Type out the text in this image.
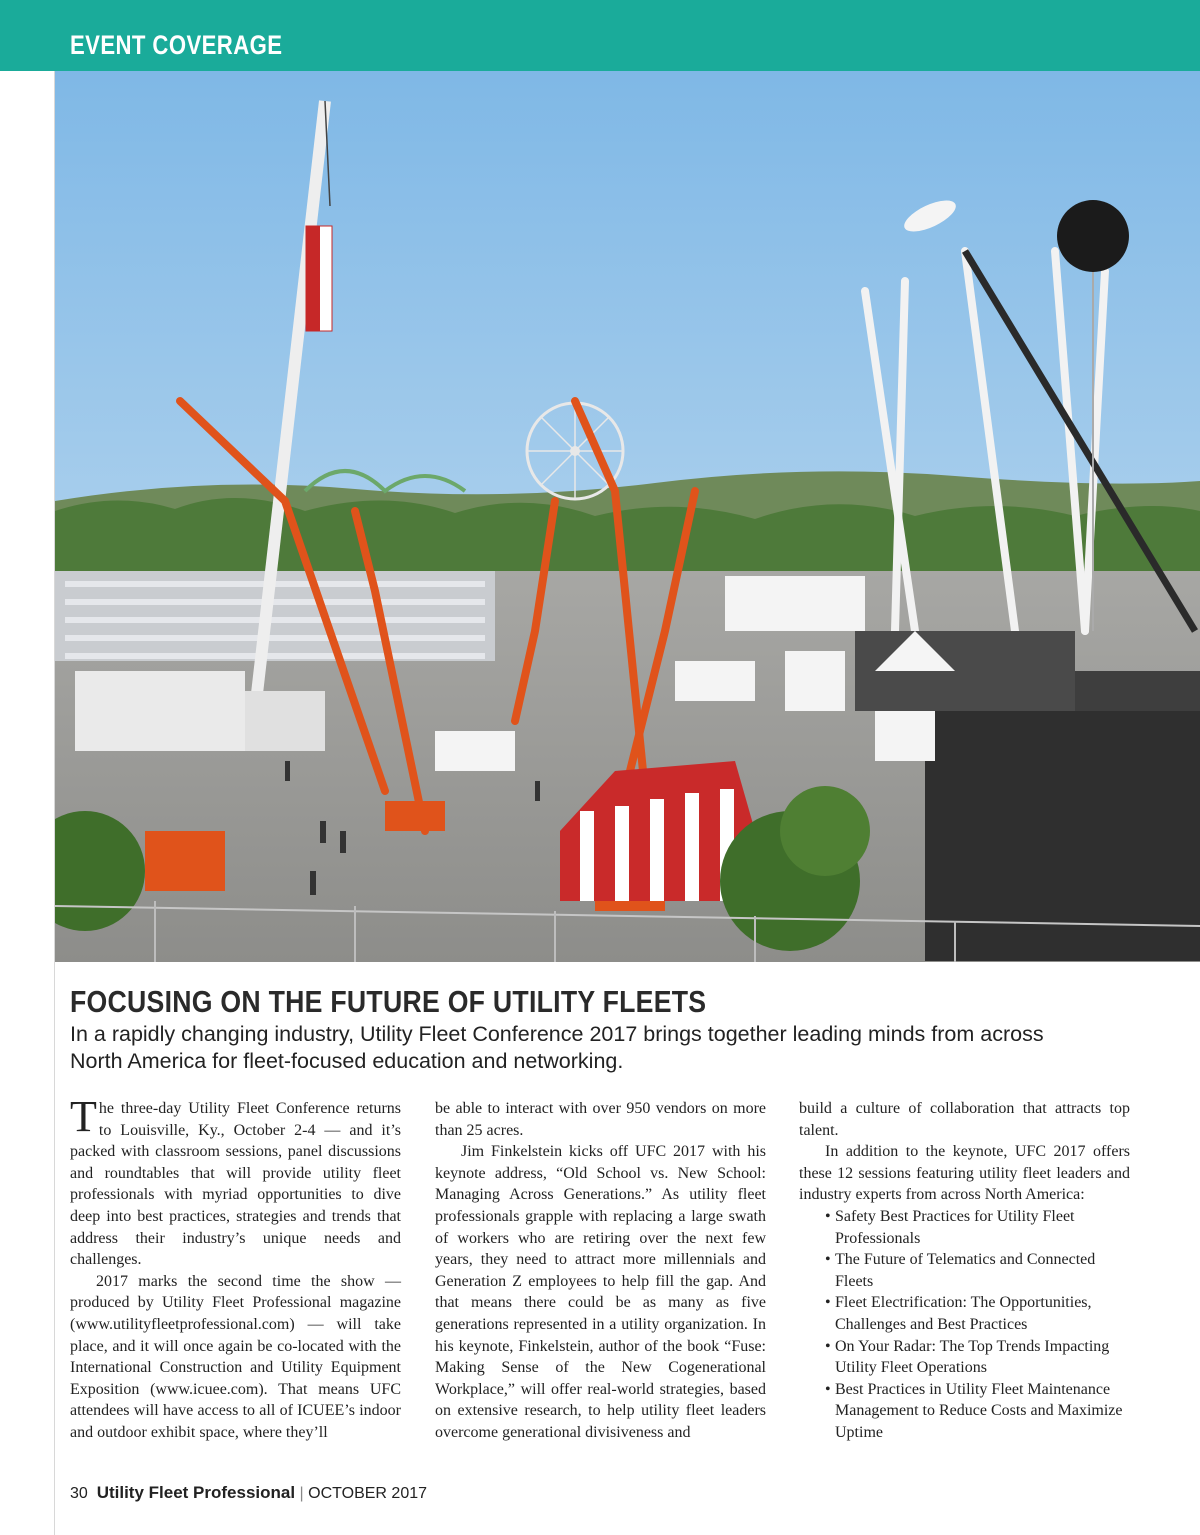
EVENT COVERAGE
FOCUSING ON THE FUTURE OF UTILITY FLEETS
In a rapidly changing industry, Utility Fleet Conference 2017 brings together leading minds from across North America for fleet-focused education and networking.

The three-day Utility Fleet Conference returns to Louisville, Ky., October 2-4 — and it’s packed with classroom sessions, panel discussions and roundtables that will provide utility fleet professionals with myriad opportunities to dive deep into best practices, strategies and trends that address their industry’s unique needs and challenges.

2017 marks the second time the show — produced by Utility Fleet Professional magazine (www.utilityfleetprofessional.com) — will take place, and it will once again be co-located with the International Construction and Utility Equipment Exposition (www.icuee.com). That means UFC attendees will have access to all of ICUEE’s indoor and outdoor exhibit space, where they’ll

be able to interact with over 950 vendors on more than 25 acres.

Jim Finkelstein kicks off UFC 2017 with his keynote address, “Old School vs. New School: Managing Across Generations.” As utility fleet professionals grapple with replacing a large swath of workers who are retiring over the next few years, they need to attract more millennials and Generation Z employees to help fill the gap. And that means there could be as many as five generations represented in a utility organization. In his keynote, Finkelstein, author of the book “Fuse: Making Sense of the New Cogenerational Workplace,” will offer real-world strategies, based on extensive research, to help utility fleet leaders overcome generational divisiveness and

build a culture of collaboration that attracts top talent.

In addition to the keynote, UFC 2017 offers these 12 sessions featuring utility fleet leaders and industry experts from across North America:

• Safety Best Practices for Utility Fleet Professionals
• The Future of Telematics and Connected Fleets
• Fleet Electrification: The Opportunities, Challenges and Best Practices
• On Your Radar: The Top Trends Impacting Utility Fleet Operations
• Best Practices in Utility Fleet Maintenance Management to Reduce Costs and Maximize Uptime
30 Utility Fleet Professional | OCTOBER 2017
